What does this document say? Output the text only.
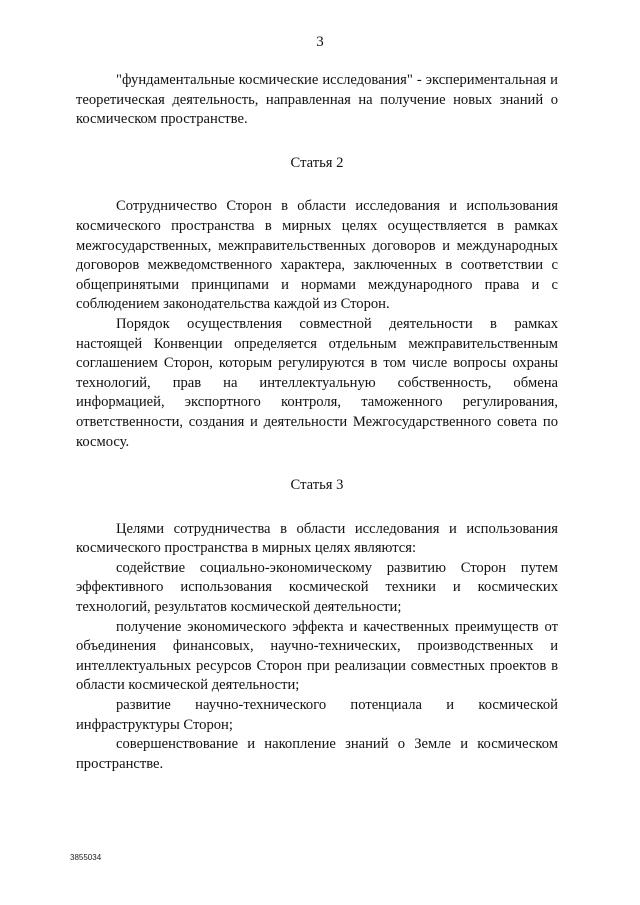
3

"фундаментальные космические исследования" - экспериментальная и теоретическая деятельность, направленная на получение новых знаний о космическом пространстве.

Статья 2

Сотрудничество Сторон в области исследования и использования космического пространства в мирных целях осуществляется в рамках межгосударственных, межправительственных договоров и международных договоров межведомственного характера, заключенных в соответствии с общепринятыми принципами и нормами международного права и с соблюдением законодательства каждой из Сторон.

Порядок осуществления совместной деятельности в рамках настоящей Конвенции определяется отдельным межправительственным соглашением Сторон, которым регулируются в том числе вопросы охраны технологий, прав на интеллектуальную собственность, обмена информацией, экспортного контроля, таможенного регулирования, ответственности, создания и деятельности Межгосударственного совета по космосу.

Статья 3

Целями сотрудничества в области исследования и использования космического пространства в мирных целях являются:

содействие социально-экономическому развитию Сторон путем эффективного использования космической техники и космических технологий, результатов космической деятельности;

получение экономического эффекта и качественных преимуществ от объединения финансовых, научно-технических, производственных и интеллектуальных ресурсов Сторон при реализации совместных проектов в области космической деятельности;

развитие научно-технического потенциала и космической инфраструктуры Сторон;

совершенствование и накопление знаний о Земле и космическом пространстве.

3855034
